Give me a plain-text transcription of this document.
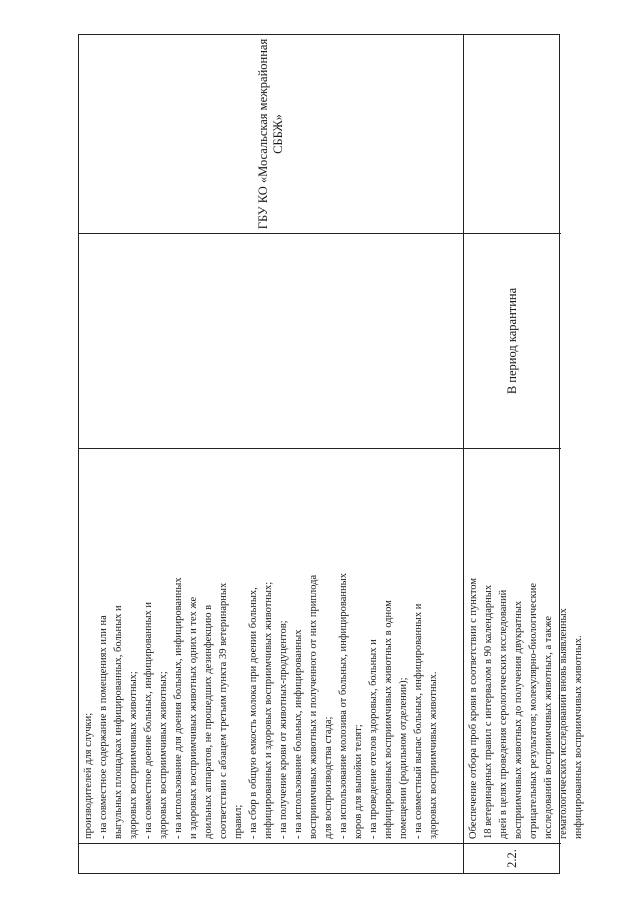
производителей для случки; - на совместное содержание в помещениях или на выгульных площадках инфицированных, больных и здоровых восприимчивых животных; - на совместное доение больных, инфицированных и здоровых восприимчивых животных; - на использование для доения больных, инфицированных и здоровых восприимчивых животных одних и тех же доильных аппаратов, не прошедших дезинфекцию в соответствии с абзацем третьим пункта 39 ветеринарных правил; - на сбор в общую емкость молока при доении больных, инфицированных и здоровых восприимчивых животных; - на получение крови от животных-продуцентов; - на использование больных, инфицированных восприимчивых животных и полученного от них приплода для воспроизводства стада; - на использование молозива от больных, инфицированных коров для выпойки телят; - на проведение отелов здоровых, больных и инфицированных восприимчивых животных в одном помещении (родильном отделении); - на совместный выпас больных, инфицированных и здоровых восприимчивых животных.
ГБУ КО «Мосальская межрайонная СББЖ»
2.2.
Обеспечение отбора проб крови в соответствии с пунктом 18 ветеринарных правил с интервалом в 90 календарных дней в целях проведения серологических исследований восприимчивых животных до получения двукратных отрицательных результатов; молекулярно-биологические исследований восприимчивых животных, а также гематологических исследований вновь выявленных инфицированных восприимчивых животных.
В период карантина
